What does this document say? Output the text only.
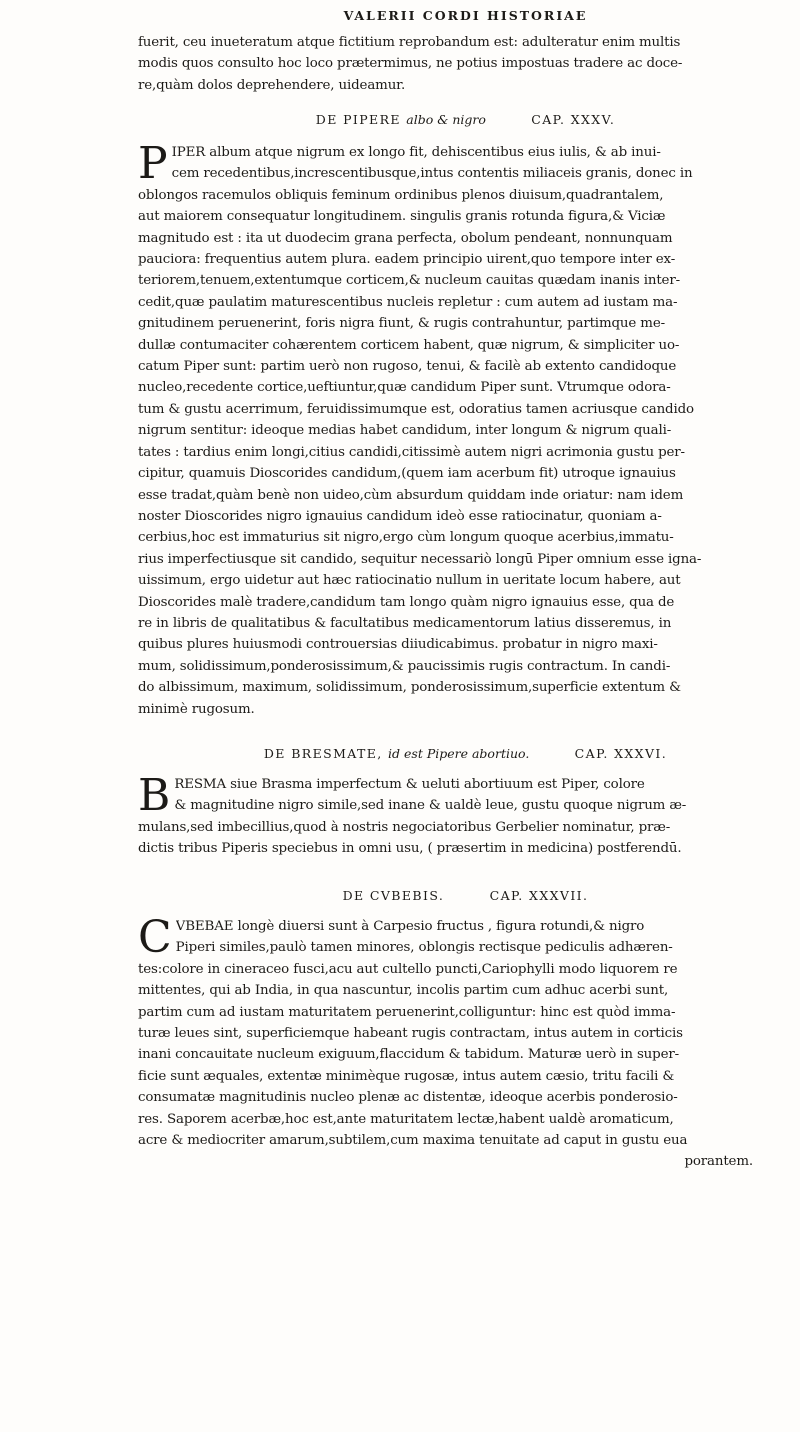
VALERII CORDI HISTORIAE
fuerit, ceu inueteratum atque fictitium reprobandum est: adulteratur enim multis
modis quos consulto hoc loco prætermimus, ne potius impostuas tradere ac doce-
re,quàm dolos deprehendere, uideamur.
DE PIPERE albo & nigro	CAP. XXXV.
P IPER album atque nigrum ex longo fit, dehiscentibus eius iulis, & ab inui-
cem recedentibus,increscentibusque,intus contentis miliaceis granis, donec in
oblongos racemulos obliquis feminum ordinibus plenos diuisum,quadrantalem,
aut maiorem consequatur longitudinem. singulis granis rotunda figura,& Viciæ
magnitudo est : ita ut duodecim grana perfecta, obolum pendeant, nonnunquam
pauciora: frequentius autem plura. eadem principio uirent,quo tempore inter ex-
teriorem,tenuem,extentumque corticem,& nucleum cauitas quædam inanis inter-
cedit,quæ paulatim maturescentibus nucleis repletur : cum autem ad iustam ma-
gnitudinem peruenerint, foris nigra fiunt, & rugis contrahuntur, partimque me-
dullæ contumaciter cohærentem corticem habent, quæ nigrum, & simpliciter uo-
catum Piper sunt: partim uerò non rugoso, tenui, & facilè ab extento candidoque
nucleo,recedente cortice,ueftiuntur,quæ candidum Piper sunt. Vtrumque odora-
tum & gustu acerrimum, feruidissimumque est, odoratius tamen acriusque candido
nigrum sentitur: ideoque medias habet candidum, inter longum & nigrum quali-
tates : tardius enim longi,citius candidi,citissimè autem nigri acrimonia gustu per-
cipitur, quamuis Dioscorides candidum,(quem iam acerbum fit) utroque ignauius
esse tradat,quàm benè non uideo,cùm absurdum quiddam inde oriatur: nam idem
noster Dioscorides nigro ignauius candidum ideò esse ratiocinatur, quoniam a-
cerbius,hoc est immaturius sit nigro,ergo cùm longum quoque acerbius,immatu-
rius imperfectiusque sit candido, sequitur necessariò longū Piper omnium esse igna-
uissimum, ergo uidetur aut hæc ratiocinatio nullum in ueritate locum habere, aut
Dioscorides malè tradere,candidum tam longo quàm nigro ignauius esse, qua de
re in libris de qualitatibus & facultatibus medicamentorum latius disseremus, in
quibus plures huiusmodi controuersias diiudicabimus. probatur in nigro maxi-
mum, solidissimum,ponderosissimum,& paucissimis rugis contractum. In candi-
do albissimum, maximum, solidissimum, ponderosissimum,superficie extentum &
minimè rugosum.
DE BRESMATE, id est Pipere abortiuo.	CAP. XXXVI.
B RESMA siue Brasma imperfectum & ueluti abortiuum est Piper, colore
& magnitudine nigro simile,sed inane & ualdè leue, gustu quoque nigrum æ-
mulans,sed imbecillius,quod à nostris negociatoribus Gerbelier nominatur, præ-
dictis tribus Piperis speciebus in omni usu, ( præsertim in medicina) postferendū.
DE CVBEBIS.	CAP. XXXVII.
C VBEBAE longè diuersi sunt à Carpesio fructus , figura rotundi,& nigro
Piperi similes,paulò tamen minores, oblongis rectisque pediculis adhæren-
tes:colore in cineraceo fusci,acu aut cultello puncti,Cariophylli modo liquorem re
mittentes, qui ab India, in qua nascuntur, incolis partim cum adhuc acerbi sunt,
partim cum ad iustam maturitatem peruenerint,colliguntur: hinc est quòd imma-
turæ leues sint, superficiemque habeant rugis contractam, intus autem in corticis
inani concauitate nucleum exiguum,flaccidum & tabidum. Maturæ uerò in super-
ficie sunt æquales, extentæ minimèque rugosæ, intus autem cæsio, tritu facili &
consumatæ magnitudinis nucleo plenæ ac distentæ, ideoque acerbis ponderosio-
res. Saporem acerbæ,hoc est,ante maturitatem lectæ,habent ualdè aromaticum,
acre & mediocriter amarum,subtilem,cum maxima tenuitate ad caput in gustu eua
porantem.
